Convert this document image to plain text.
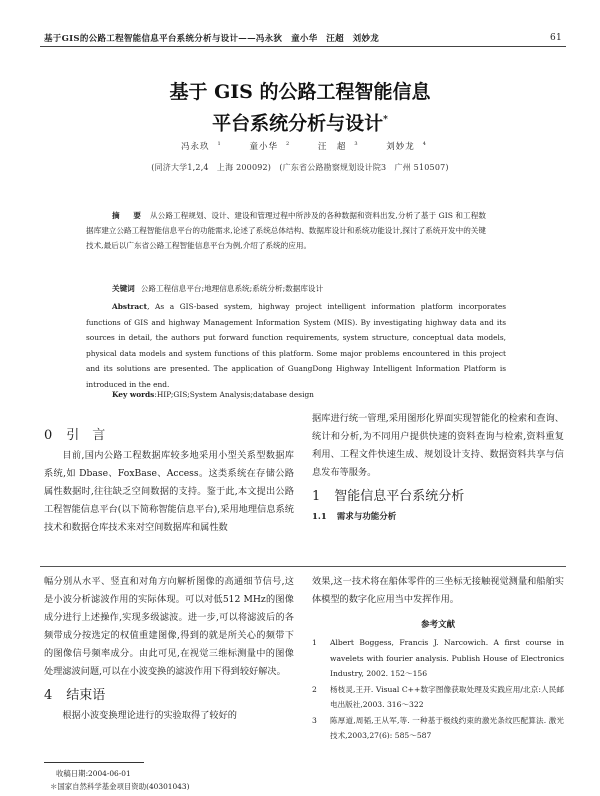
基于GIS的公路工程智能信息平台系统分析与设计——冯永狄　童小华　汪超　刘妙龙	61
基于 GIS 的公路工程智能信息
平台系统分析与设计*
冯永玖 $^1$	童小华 $^2$	汪　超 $^3$	刘妙龙 $^4$
(同济大学1,2,4　上海 200092)　(广东省公路勘察规划设计院3　广州 510507)
摘　要 从公路工程规划、设计、建设和管理过程中所涉及的各种数据和资料出发,分析了基于 GIS 和工程数据库建立公路工程智能信息平台的功能需求,论述了系统总体结构、数据库设计和系统功能设计,探讨了系统开发中的关键技术,最后以广东省公路工程智能信息平台为例,介绍了系统的应用。
关键词 公路工程信息平台;地理信息系统;系统分析;数据库设计

Abstract, As a GIS-based system, highway project intelligent information platform incorporates functions of GIS and highway Management Information System (MIS). By investigating highway data and its sources in detail, the authors put forward function requirements, system structure, conceptual data models, physical data models and system functions of this platform. Some major problems encountered in this project and its solutions are presented. The application of GuangDong Highway Intelligent Information Platform is introduced in the end.

Key words:HIP;GIS;System Analysis;database design
0 引　言

目前,国内公路工程数据库较多地采用小型关系型数据库系统,如 Dbase、FoxBase、Access。这类系统在存储公路属性数据时,往往缺乏空间数据的支持。鉴于此,本文提出公路工程智能信息平台(以下简称智能信息平台),采用地理信息系统技术和数据仓库技术来对空间数据库和属性数

据库进行统一管理,采用图形化界面实现智能化的检索和查询、统计和分析,为不同用户提供快速的资料查询与检索,资料重复利用、工程文件快速生成、规划设计支持、数据资料共享与信息发布等服务。

1 智能信息平台系统分析
1.1 需求与功能分析

幅分别从水平、竖直和对角方向解析图像的高通细节信号,这是小波分析滤波作用的实际体现。可以对低512 MHz的图像成分进行上述操作,实现多级滤波。进一步,可以将滤波后的各频带成分按选定的权值重建图像,得到的就是所关心的频带下的图像信号频率成分。由此可见,在视觉三维标测量中的图像处理滤波问题,可以在小波变换的滤波作用下得到较好解决。

4 结束语

根据小波变换理论进行的实验取得了较好的

效果,这一技术将在船体零件的三坐标无接触视觉测量和船舶实体模型的数字化应用当中发挥作用。

参考文献
1	Albert Boggess, Francis J. Narcowich. A first course in wavelets with fourier analysis. Publish House of Electronics Industry, 2002. 152～156
2	杨枝灵,王开. Visual C++数字图像获取处理及实践应用/北京:人民邮电出版社,2003. 316～322
3	陈厚道,周韬,王从军,等. 一种基于极线约束的激光条纹匹配算法. 激光技术,2003,27(6): 585～587
收稿日期:2004-06-01
＊国家自然科学基金项目资助(40301043)
